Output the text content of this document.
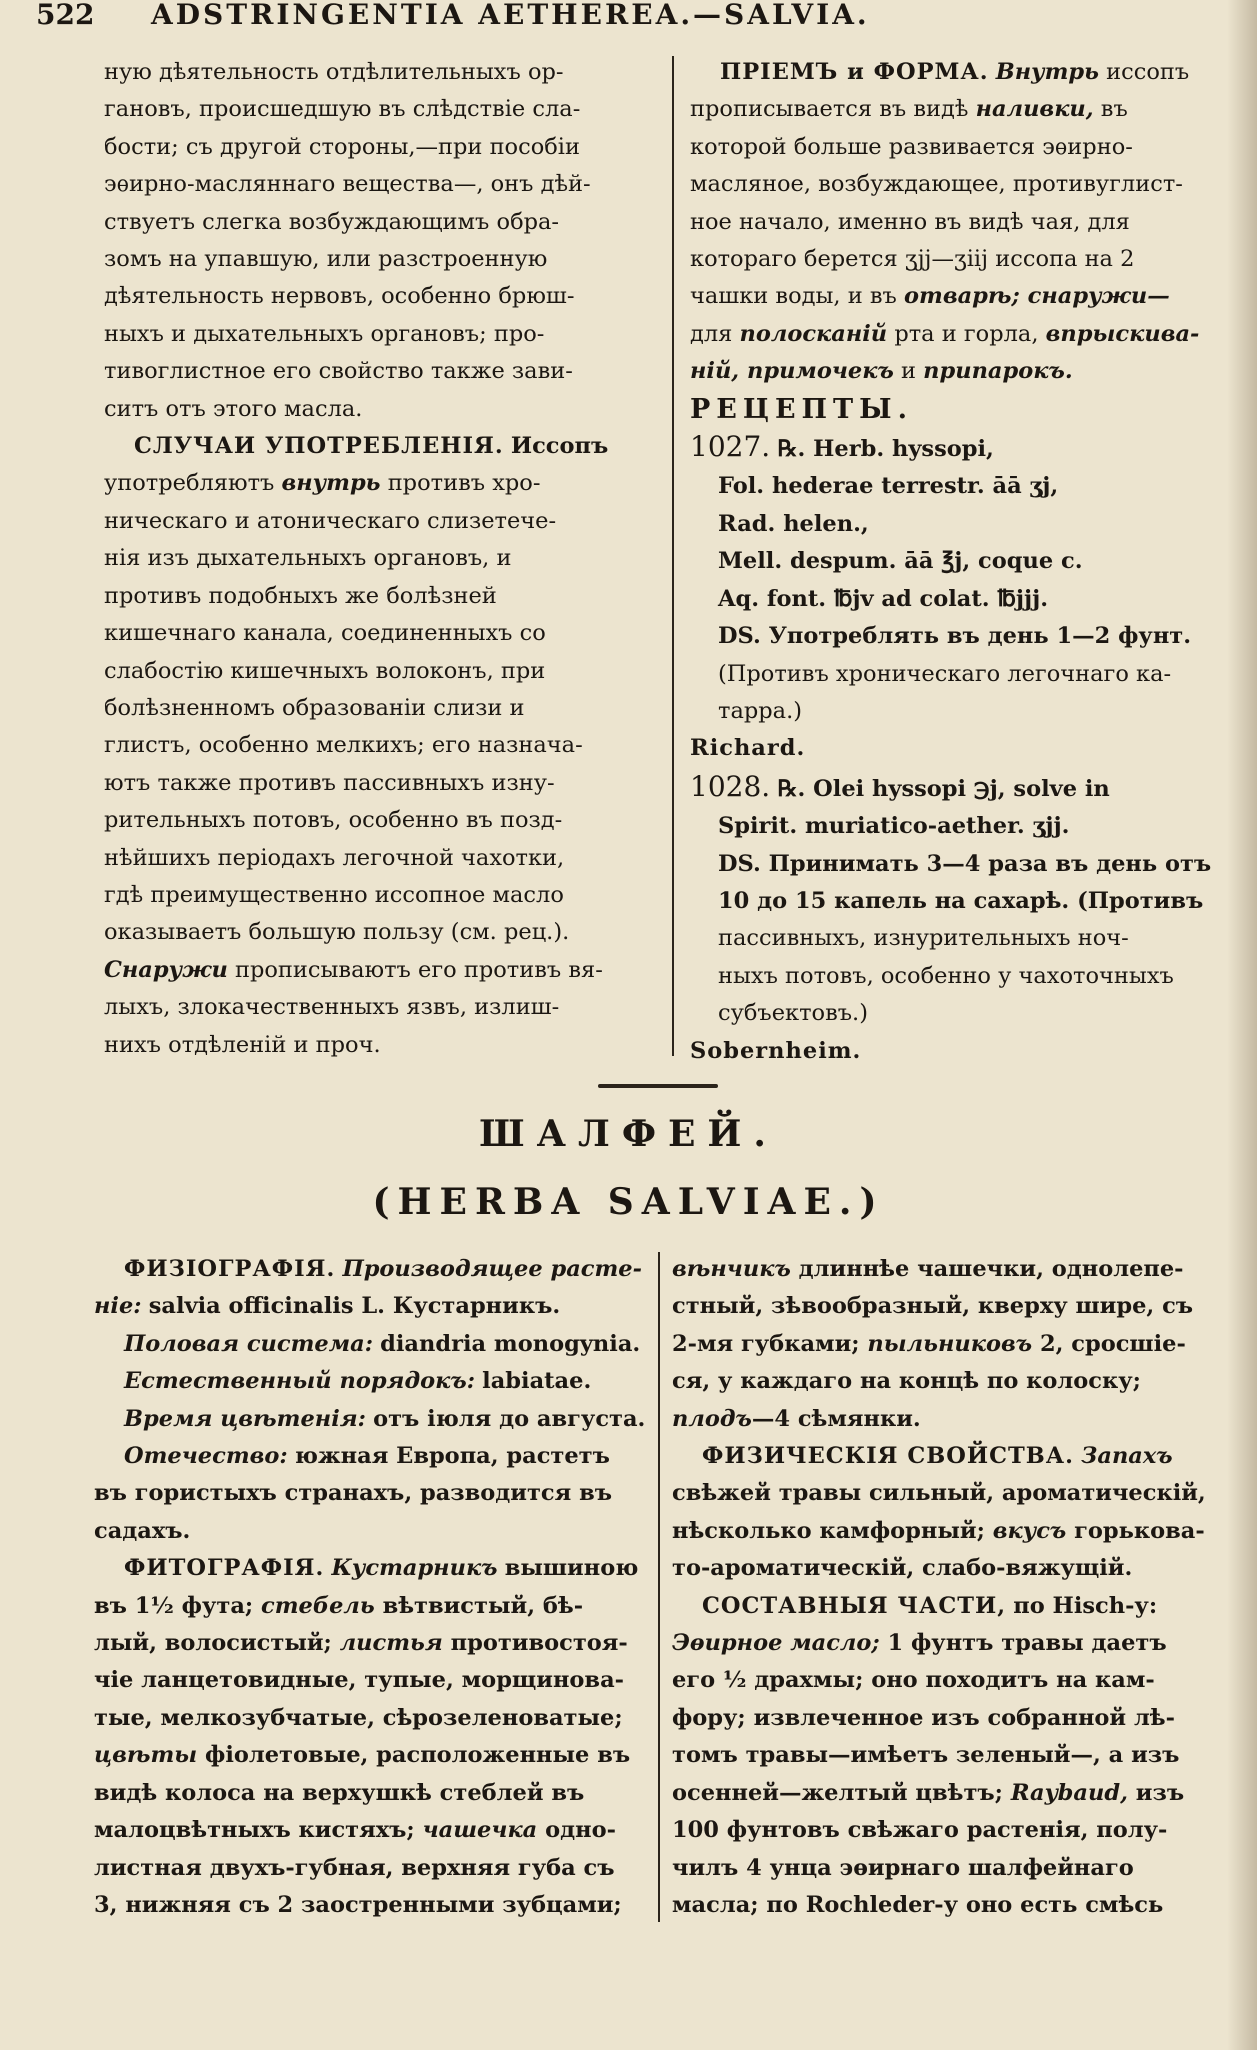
522 ADSTRINGENTIA AETHEREA.—SALVIA.

ную дѣятельность отдѣлительныхъ ор-

гановъ, происшедшую въ слѣдствіе сла-

бости; съ другой стороны,—при пособіи

эѳирно-масляннаго вещества—, онъ дѣй-

ствуетъ слегка возбуждающимъ обра-

зомъ на упавшую, или разстроенную

дѣятельность нервовъ, особенно брюш-

ныхъ и дыхательныхъ органовъ; про-

тивоглистное его свойство также зави-

ситъ отъ этого масла.

СЛУЧАИ УПОТРЕБЛЕНІЯ. Иссопъ

употребляютъ внутрь противъ хро-

ническаго и атоническаго слизетече-

нія изъ дыхательныхъ органовъ, и

противъ подобныхъ же болѣзней

кишечнаго канала, соединенныхъ со

слабостію кишечныхъ волоконъ, при

болѣзненномъ образованіи слизи и

глистъ, особенно мелкихъ; его назнача-

ютъ также противъ пассивныхъ изну-

рительныхъ потовъ, особенно въ позд-

нѣйшихъ періодахъ легочной чахотки,

гдѣ преимущественно иссопное масло

оказываетъ большую пользу (см. рец.).

Снаружи прописываютъ его противъ вя-

лыхъ, злокачественныхъ язвъ, излиш-

нихъ отдѣленій и проч.

ПРІЕМЪ и ФОРМА. Внутрь иссопъ

прописывается въ видѣ наливки, въ

которой больше развивается эѳирно-

масляное, возбуждающее, противуглист-

ное начало, именно въ видѣ чая, для

котораго берется ʒjj—ʒiij иссопа на 2

чашки воды, и въ отварѣ; снаружи—

для полосканій рта и горла, впрыскива-

ній, примочекъ и припарокъ.

РЕЦЕПТЫ.

1027. ℞. Herb. hyssopi,

Fol. hederae terrestr. āā ʒj,

Rad. helen.,

Mell. despum. āā ℥j, coque c.

Aq. font. ℔jv ad colat. ℔jjj.

DS. Употреблять въ день 1—2 фунт.

(Противъ хроническаго легочнаго ка-

тарра.)

Richard.

1028. ℞. Olei hyssopi ℈j, solve in

Spirit. muriatico-aether. ʒjj.

DS. Принимать 3—4 раза въ день отъ

10 до 15 капель на сахарѣ. (Противъ

пассивныхъ, изнурительныхъ ноч-

ныхъ потовъ, особенно у чахоточныхъ

субъектовъ.)

Sobernheim.

ШАЛФЕЙ.
(HERBA SALVIAE.)

ФИЗІОГРАФІЯ. Производящее расте-

ніе: salvia officinalis L. Кустарникъ.

Половая система: diandria monogynia.

Естественный порядокъ: labiatae.

Время цвѣтенія: отъ іюля до августа.

Отечество: южная Европа, растетъ

въ гористыхъ странахъ, разводится въ

садахъ.

ФИТОГРАФІЯ. Кустарникъ вышиною

въ 1½ фута; стебель вѣтвистый, бѣ-

лый, волосистый; листья противостоя-

чіе ланцетовидные, тупые, морщинова-

тые, мелкозубчатые, сѣрозеленоватые;

цвѣты фіолетовые, расположенные въ

видѣ колоса на верхушкѣ стеблей въ

малоцвѣтныхъ кистяхъ; чашечка одно-

листная двухъ-губная, верхняя губа съ

3, нижняя съ 2 заостренными зубцами;

вѣнчикъ длиннѣе чашечки, однолепе-

стный, зѣвообразный, кверху шире, съ

2-мя губками; пыльниковъ 2, сросшіе-

ся, у каждаго на концѣ по колоску;

плодъ—4 сѣмянки.

ФИЗИЧЕСКІЯ СВОЙСТВА. Запахъ

свѣжей травы сильный, ароматическій,

нѣсколько камфорный; вкусъ горькова-

то-ароматическій, слабо-вяжущій.

СОСТАВНЫЯ ЧАСТИ, по Hisch-у:

Эѳирное масло; 1 фунтъ травы даетъ

его ½ драхмы; оно походитъ на кам-

фору; извлеченное изъ собранной лѣ-

томъ травы—имѣетъ зеленый—, а изъ

осенней—желтый цвѣтъ; Raybaud, изъ

100 фунтовъ свѣжаго растенія, полу-

чилъ 4 унца эѳирнаго шалфейнаго

масла; по Rochleder-у оно есть смѣсь
